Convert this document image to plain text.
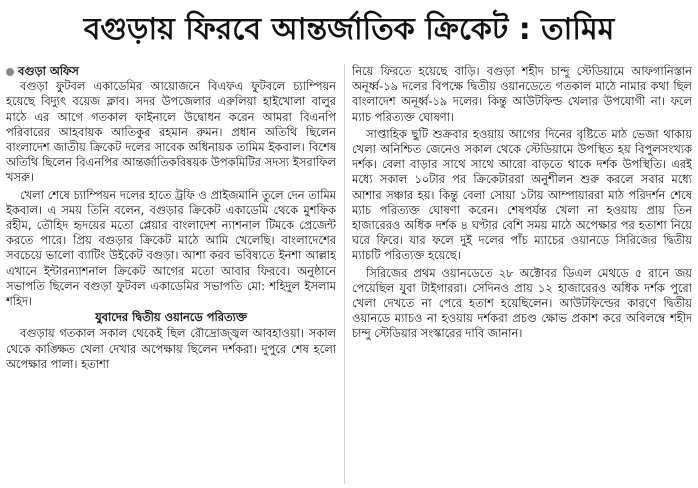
বগুড়ায় ফিরবে আন্তর্জাতিক ক্রিকেট : তামিম
বগুড়া অফিস

বগুড়া ফুটবল একাডেমির আয়োজনে বিএফএ ফুটবলে চ্যাম্পিয়ন হয়েছে বিদ্যুৎ বয়েজ ক্লাব। সদর উপজেলার এরুলিয়া হাইখোলা বালুর মাঠে এর আগে গতকাল ফাইনালে উদ্বোধন করেন আমরা বিএনপি পরিবারের আহবায়ক আতিকুর রহমান রুমন। প্রধান অতিথি ছিলেন বাংলাদেশ জাতীয় ক্রিকেট দলের সাবেক অধিনায়ক তামিম ইকবাল। বিশেষ অতিথি ছিলেন বিএনপির আন্তর্জাতিকবিষয়ক উপকমিটির সদস্য ইসরাফিল খসরু।

খেলা শেষে চ্যাম্পিয়ন দলের হাতে ট্রফি ও প্রাইজমানি তুলে দেন তামিম ইকবাল। এ সময় তিনি বলেন, বগুড়ার ক্রিকেট একাডেমি থেকে মুশফিক রহীম, তৌহিদ হৃদয়ের মতো প্লেয়ার বাংলাদেশ ন্যাশনাল টিমকে প্রেজেন্ট করতে পারে। প্রিয় বগুড়ার ক্রিকেট মাঠে আমি খেলেছি। বাংলাদেশের সবচেয়ে ভালো ব্যাটিং উইকেট বগুড়া। আশা করব ভবিষ্যতে ইনশা আল্লাহ এখানে ইন্টারন্যাশনাল ক্রিকেট আগের মতো আবার ফিরবে। অনুষ্ঠানে সভাপতি ছিলেন বগুড়া ফুটবল একাডেমির সভাপতি মো: শহিদুল ইসলাম শহিদ।

যুবাদের দ্বিতীয় ওয়ানডে পরিত্যক্ত

বগুড়ায় গতকাল সকাল থেকেই ছিল রৌদ্রোজ্জ্বল আবহাওয়া। সকাল থেকে কাঙ্ক্ষিত খেলা দেখার অপেক্ষায় ছিলেন দর্শকরা। দুপুরে শেষ হলো অপেক্ষার পালা। হতাশা

নিয়ে ফিরতে হয়েছে বাড়ি। বগুড়া শহীদ চান্দু স্টেডিয়ামে আফগানিস্তান অনূর্ধ্ব-১৯ দলের বিপক্ষে দ্বিতীয় ওয়ানডেতে গতকাল মাঠে নামার কথা ছিল বাংলাদেশ অনূর্ধ্ব-১৯ দলের। কিন্তু আউটফিল্ড খেলার উপযোগী না। ফলে ম্যাচ পরিত্যক্ত ঘোষণা।

সাপ্তাহিক ছুটি শুক্রবার হওয়ায় আগের দিনের বৃষ্টিতে মাঠ ভেজা থাকায় খেলা অনিশ্চিত জেনেও সকাল থেকে স্টেডিয়ামে উপস্থিত হয় বিপুলসংখ্যক দর্শক। বেলা বাড়ার সাথে সাথে আরো বাড়তে থাকে দর্শক উপস্থিতি। এরই মধ্যে সকাল ১০টার পর ক্রিকেটাররা অনুশীলন শুরু করলে সবার মধ্যে আশার সঞ্চার হয়। কিন্তু বেলা সোয়া ১টায় আম্পায়াররা মাঠ পরিদর্শন শেষে ম্যাচ পরিত্যক্ত ঘোষণা করেন। শেষপর্যন্ত খেলা না হওয়ায় প্রায় তিন হাজারেরও অধিক দর্শক ৪ ঘণ্টার বেশি সময় মাঠে অপেক্ষার পর হতাশা নিয়ে ঘরে ফিরে। যার ফলে দুই দলের পাঁচ ম্যাচের ওয়ানডে সিরিজের দ্বিতীয় ম্যাচটি পরিত্যক্ত হয়েছে।

সিরিজের প্রথম ওয়ানডেতে ২৮ অক্টোবর ডিএল মেথডে ৫ রানে জয় পেয়েছিল যুবা টাইগাররা। সেদিনও প্রায় ১২ হাজারেরও অধিক দর্শক পুরো খেলা দেখতে না পেরে হতাশ হয়েছিলেন। আউটফিল্ডের কারণে দ্বিতীয় ওয়ানডে ম্যাচও না হওয়ায় দর্শকরা প্রচণ্ড ক্ষোভ প্রকাশ করে অবিলম্বে শহীদ চান্দু স্টেডিয়ার সংস্কারের দাবি জানান।
